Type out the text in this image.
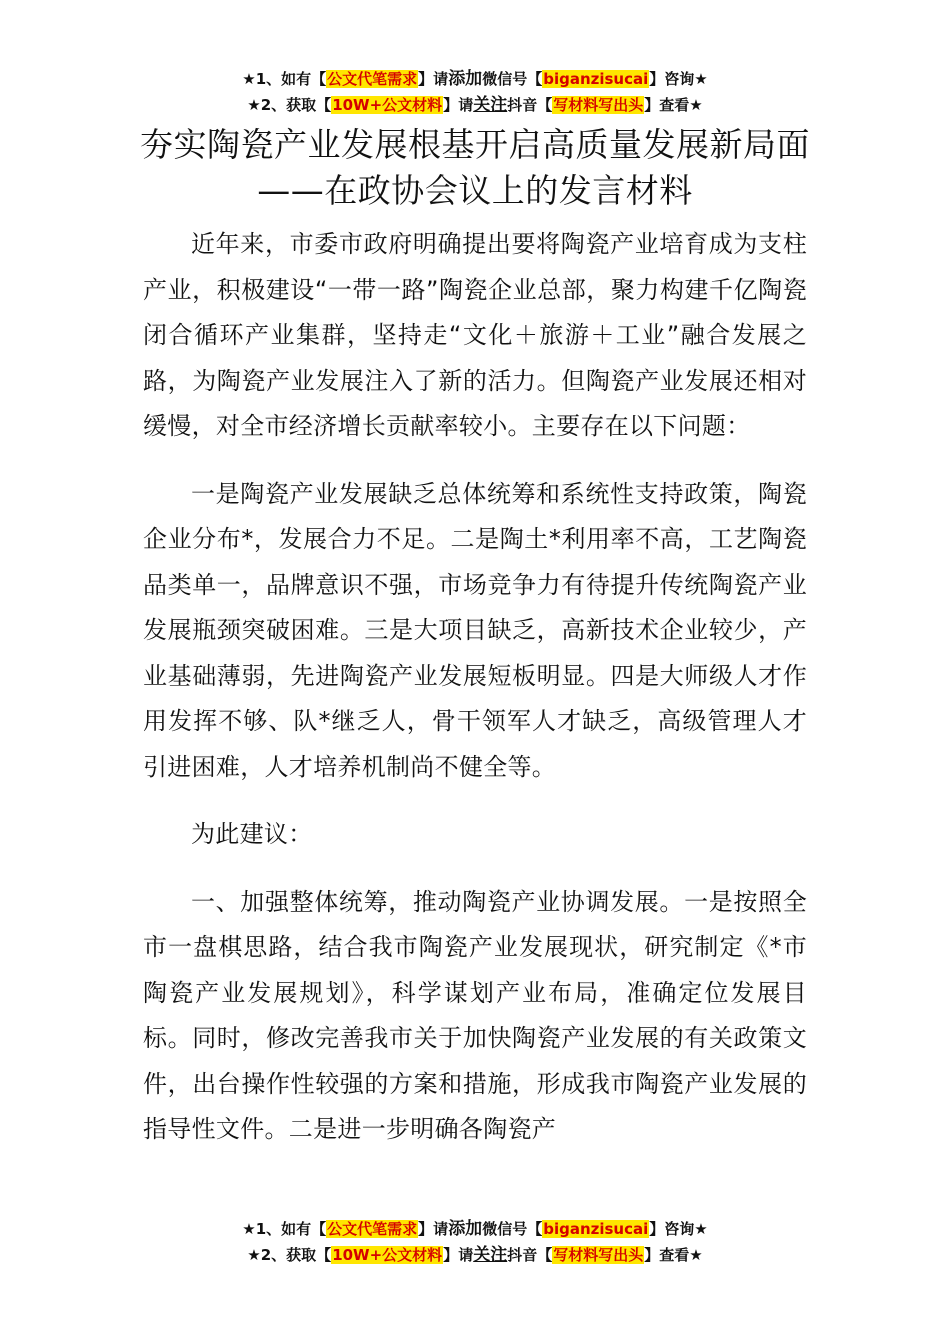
★1、如有【公文代笔需求】请添加微信号【biganzisucai】咨询★
★2、获取【10W+公文材料】请关注抖音【写材料写出头】查看★
夯实陶瓷产业发展根基开启高质量发展新局面——在政协会议上的发言材料

近年来，市委市政府明确提出要将陶瓷产业培育成为支柱产业，积极建设“一带一路”陶瓷企业总部，聚力构建千亿陶瓷闭合循环产业集群，坚持走“文化＋旅游＋工业”融合发展之路，为陶瓷产业发展注入了新的活力。但陶瓷产业发展还相对缓慢，对全市经济增长贡献率较小。主要存在以下问题：

一是陶瓷产业发展缺乏总体统筹和系统性支持政策，陶瓷企业分布*，发展合力不足。二是陶土*利用率不高，工艺陶瓷品类单一，品牌意识不强，市场竞争力有待提升传统陶瓷产业发展瓶颈突破困难。三是大项目缺乏，高新技术企业较少，产业基础薄弱，先进陶瓷产业发展短板明显。四是大师级人才作用发挥不够、队*继乏人，骨干领军人才缺乏，高级管理人才引进困难，人才培养机制尚不健全等。

为此建议：

一、加强整体统筹，推动陶瓷产业协调发展。一是按照全市一盘棋思路，结合我市陶瓷产业发展现状，研究制定《*市陶瓷产业发展规划》，科学谋划产业布局，准确定位发展目标。同时，修改完善我市关于加快陶瓷产业发展的有关政策文件，出台操作性较强的方案和措施，形成我市陶瓷产业发展的指导性文件。二是进一步明确各陶瓷产

★1、如有【公文代笔需求】请添加微信号【biganzisucai】咨询★
★2、获取【10W+公文材料】请关注抖音【写材料写出头】查看★
